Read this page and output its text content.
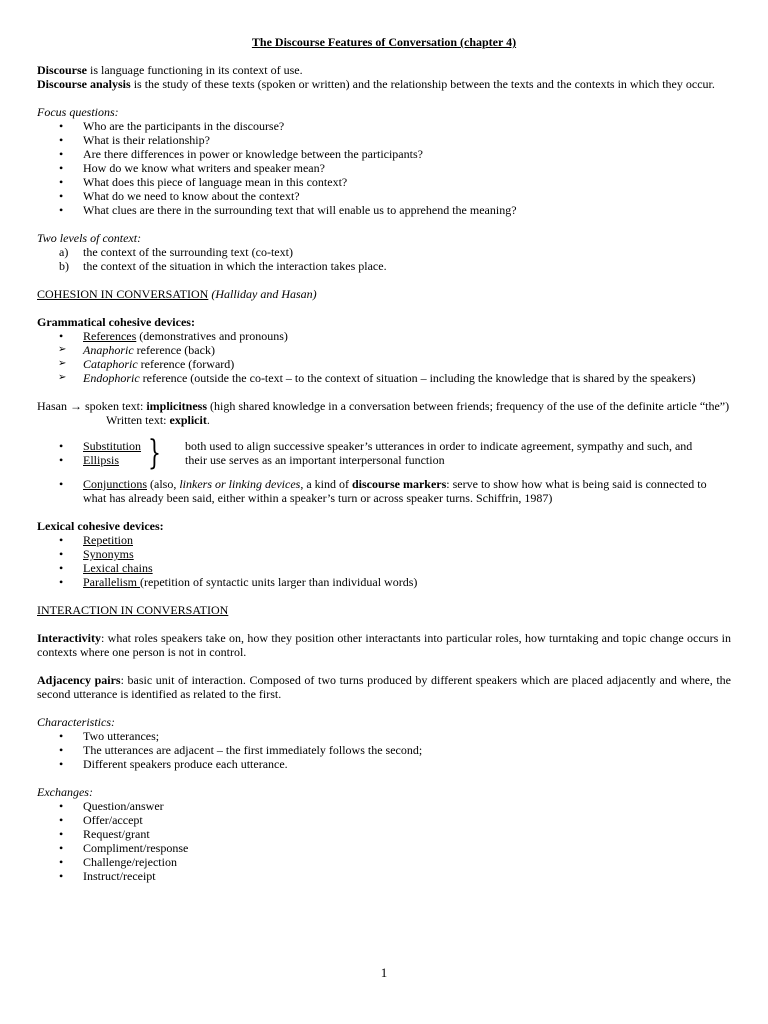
The Discourse Features of Conversation (chapter 4)

Discourse is language functioning in its context of use.

Discourse analysis is the study of these texts (spoken or written) and the relationship between the texts and the contexts in which they occur.

Focus questions:

• Who are the participants in the discourse?
• What is their relationship?
• Are there differences in power or knowledge between the participants?
• How do we know what writers and speaker mean?
• What does this piece of language mean in this context?
• What do we need to know about the context?
• What clues are there in the surrounding text that will enable us to apprehend the meaning?

Two levels of context:

a) the context of the surrounding text (co-text)
b) the context of the situation in which the interaction takes place.

COHESION IN CONVERSATION (Halliday and Hasan)

Grammatical cohesive devices:

• References (demonstratives and pronouns)
➢ Anaphoric reference (back)
➢ Cataphoric reference (forward)
➢ Endophoric reference (outside the co-text – to the context of situation – including the knowledge that is shared by the speakers)

Hasan → spoken text: implicitness (high shared knowledge in a conversation between friends; frequency of the use of the definite article “the”)

Written text: explicit.

• Substitution
• Ellipsis } both used to align successive speaker’s utterances in order to indicate agreement, sympathy and such, and their use serves as an important interpersonal function
• Conjunctions (also, linkers or linking devices, a kind of discourse markers: serve to show how what is being said is connected to what has already been said, either within a speaker’s turn or across speaker turns. Schiffrin, 1987)

Lexical cohesive devices:

• Repetition
• Synonyms
• Lexical chains
• Parallelism (repetition of syntactic units larger than individual words)

INTERACTION IN CONVERSATION

Interactivity: what roles speakers take on, how they position other interactants into particular roles, how turntaking and topic change occurs in contexts where one person is not in control.

Adjacency pairs: basic unit of interaction. Composed of two turns produced by different speakers which are placed adjacently and where, the second utterance is identified as related to the first.

Characteristics:

• Two utterances;
• The utterances are adjacent – the first immediately follows the second;
• Different speakers produce each utterance.

Exchanges:

• Question/answer
• Offer/accept
• Request/grant
• Compliment/response
• Challenge/rejection
• Instruct/receipt
1
